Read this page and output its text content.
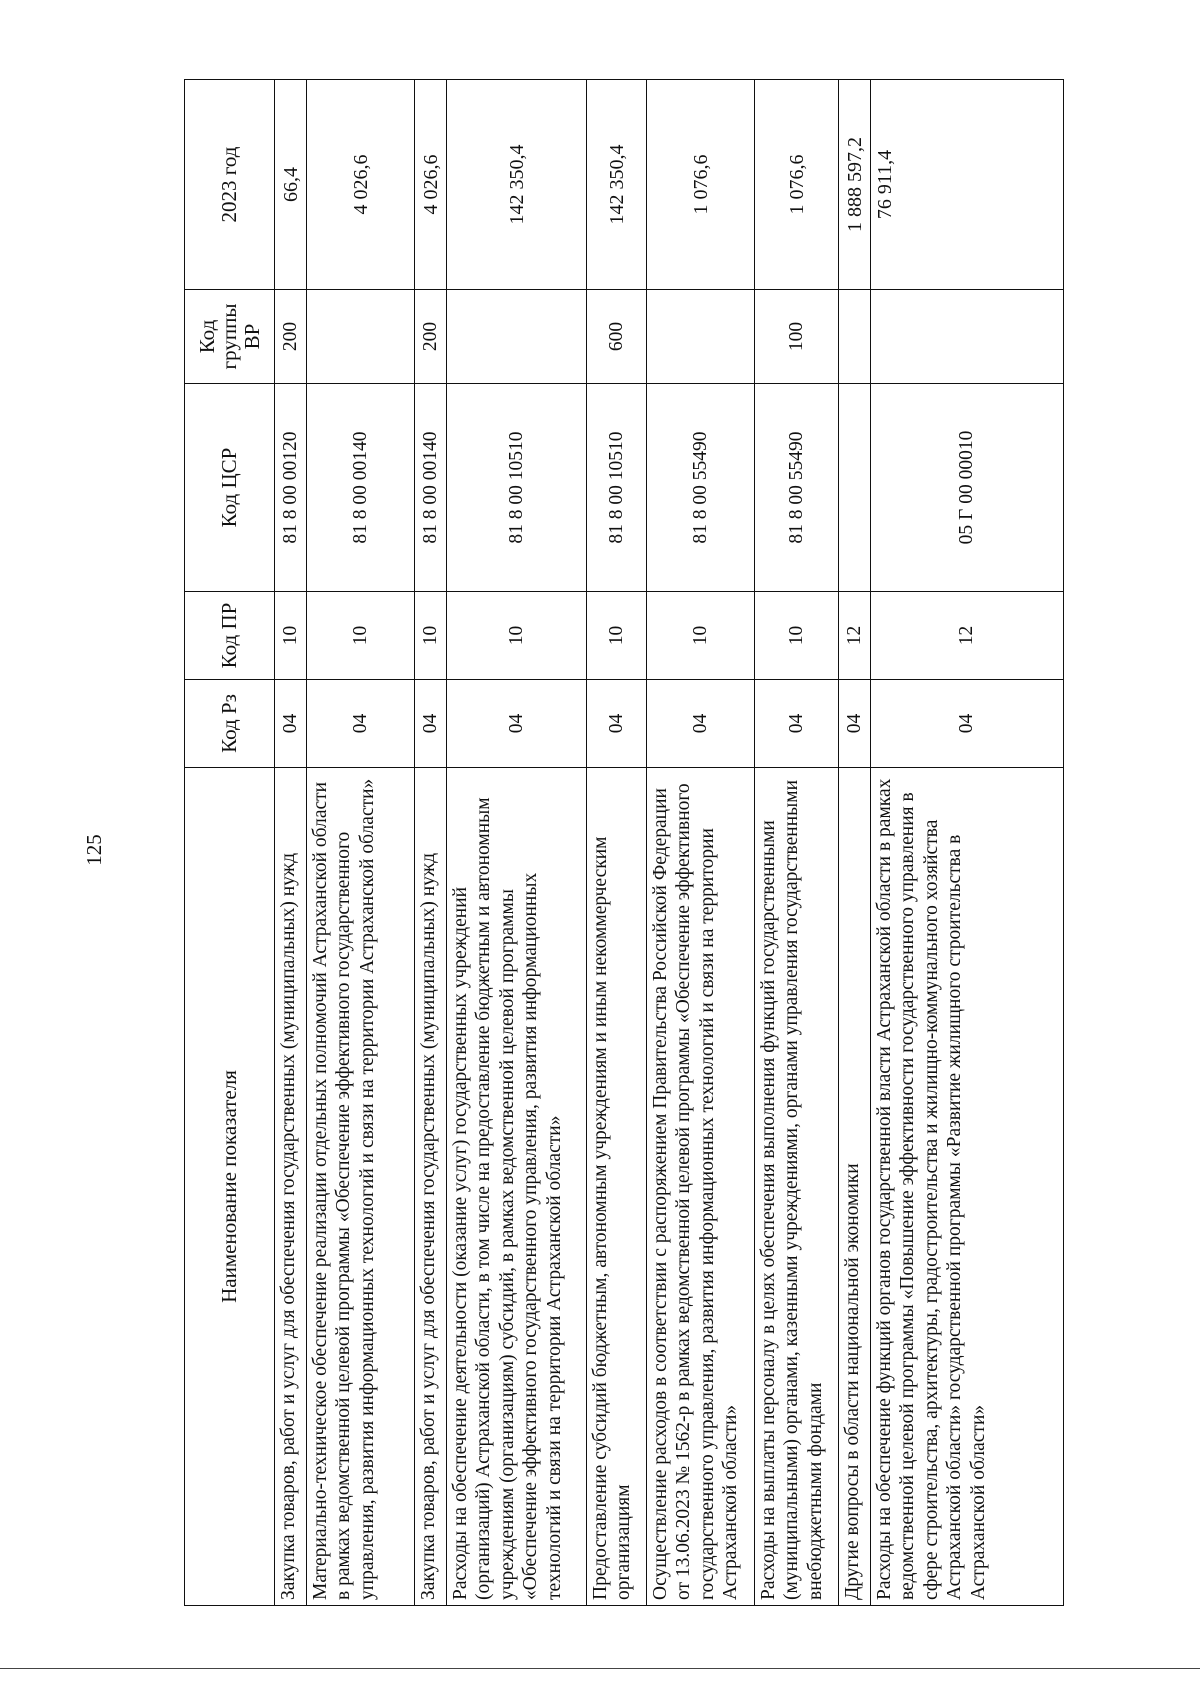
125
Наименование показателя	Код Рз	Код ПР	Код ЦСР	Код группы ВР	2023 год
Закупка товаров, работ и услуг для обеспечения государственных (муниципальных) нужд	04	10	81 8 00 00120	200	66,4
Материально-техническое обеспечение реализации отдельных полномочий Астраханской области в рамках ведомственной целевой программы «Обеспечение эффективного государственного управления, развития информационных технологий и связи на территории Астраханской области»	04	10	81 8 00 00140		4 026,6
Закупка товаров, работ и услуг для обеспечения государственных (муниципальных) нужд	04	10	81 8 00 00140	200	4 026,6
Расходы на обеспечение деятельности (оказание услуг) государственных учреждений (организаций) Астраханской области, в том числе на предоставление бюджетным и автономным учреждениям (организациям) субсидий, в рамках ведомственной целевой программы «Обеспечение эффективного государственного управления, развития информационных технологий и связи на территории Астраханской области»	04	10	81 8 00 10510		142 350,4
Предоставление субсидий бюджетным, автономным учреждениям и иным некоммерческим организациям	04	10	81 8 00 10510	600	142 350,4
Осуществление расходов в соответствии с распоряжением Правительства Российской Федерации от 13.06.2023 № 1562-р в рамках ведомственной целевой программы «Обеспечение эффективного государственного управления, развития информационных технологий и связи на территории Астраханской области»	04	10	81 8 00 55490		1 076,6
Расходы на выплаты персоналу в целях обеспечения выполнения функций государственными (муниципальными) органами, казенными учреждениями, органами управления государственными внебюджетными фондами	04	10	81 8 00 55490	100	1 076,6
Другие вопросы в области национальной экономики	04	12			1 888 597,2
Расходы на обеспечение функций органов государственной власти Астраханской области в рамках ведомственной целевой программы «Повышение эффективности государственного управления в сфере строительства, архитектуры, градостроительства и жилищно-коммунального хозяйства Астраханской области» государственной программы «Развитие жилищного строительства в Астраханской области»	04	12	05 Г 00 00010		76 911,4
